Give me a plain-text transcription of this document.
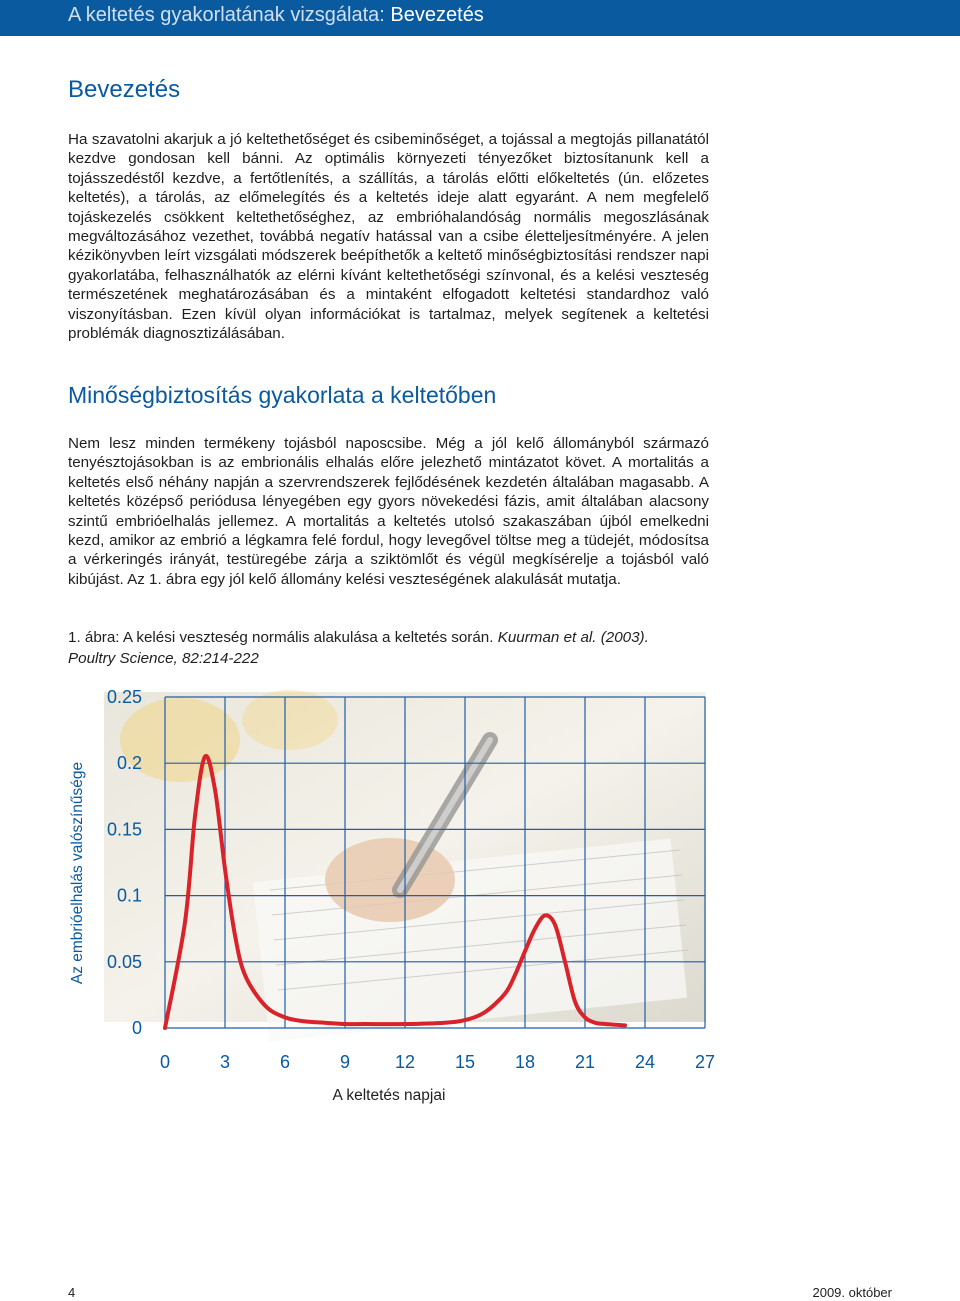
A keltetés gyakorlatának vizsgálata: Bevezetés
Bevezetés

Ha szavatolni akarjuk a jó keltethetőséget és csibeminőséget, a tojással a megtojás pillanatától kezdve gondosan kell bánni. Az optimális környezeti tényezőket biztosítanunk kell a tojásszedéstől kezdve, a fertőtlenítés, a szállítás, a tárolás előtti előkeltetés (ún. előzetes keltetés), a tárolás, az előmelegítés és a keltetés ideje alatt egyaránt. A nem megfelelő tojáskezelés csökkent keltethetőséghez, az embrióhalandóság normális megoszlásának megváltozásához vezethet, továbbá negatív hatással van a csibe életteljesítményére. A jelen kézikönyvben leírt vizsgálati módszerek beépíthetők a keltető minőségbiztosítási rendszer napi gyakorlatába, felhasználhatók az elérni kívánt keltethetőségi színvonal, és a kelési veszteség természetének meghatározásában és a mintaként elfogadott keltetési standardhoz való viszonyításban. Ezen kívül olyan információkat is tartalmaz, melyek segítenek a keltetési problémák diagnosztizálásában.

Minőségbiztosítás gyakorlata a keltetőben

Nem lesz minden termékeny tojásból naposcsibe. Még a jól kelő állományból származó tenyésztojásokban is az embrionális elhalás előre jelezhető mintázatot követ. A mortalitás a keltetés első néhány napján a szervrendszerek fejlődésének kezdetén általában magasabb. A keltetés középső periódusa lényegében egy gyors növekedési fázis, amit általában alacsony szintű embrióelhalás jellemez. A mortalitás a keltetés utolsó szakaszában újból emelkedni kezd, amikor az embrió a légkamra felé fordul, hogy levegővel töltse meg a tüdejét, módosítsa a vérkeringés irányát, testüregébe zárja a sziktömlőt és végül megkísérelje a tojásból való kibújást. Az 1. ábra egy jól kelő állomány kelési veszteségének alakulását mutatja.

1. ábra: A kelési veszteség normális alakulása a keltetés során. Kuurman et al. (2003).
Poultry Science, 82:214-222
0
0.05
0.1
0.15
0.2
0.25
0	3	6	9 12 15 18 21 24 27
Az embrióelhalás valószínűsége
A keltetés napjai
4	2009. október
